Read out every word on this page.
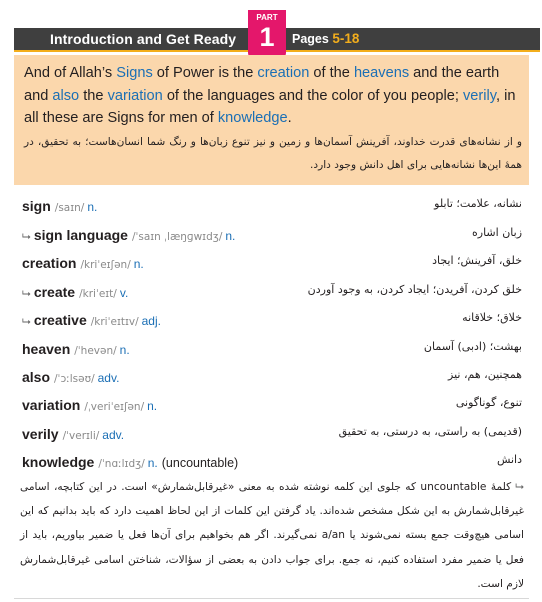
Introduction and Get Ready	Pages 5-18
PART
1
And of Allah’s Signs of Power is the creation of the heavens and the earth and also the variation of the languages and the color of you people; verily, in all these are Signs for men of knowledge.
و از نشانه‌های قدرت خداوند، آفرینش آسمان‌ها و زمین و نیز تنوع زبان‌ها و رنگ شما انسان‌هاست؛ به تحقیق، در همهٔ این‌ها نشانه‌هایی برای اهل دانش وجود دارد.
sign /saɪn/ n.	نشانه، علامت؛ تابلو
⮡ sign language /ˈsaɪn ˌlæŋɡwɪdʒ/ n.	زبان اشاره
creation /kriˈeɪʃən/ n.	خلق، آفرینش؛ ایجاد
⮡ create /kriˈeɪt/ v.	خلق کردن، آفریدن؛ ایجاد کردن، به وجود آوردن
⮡ creative /kriˈeɪtɪv/ adj.	خلاق؛ خلاقانه
heaven /ˈhevən/ n.	بهشت؛ (ادبی) آسمان
also /ˈɔːlsəʊ/ adv.	همچنین، هم، نیز
variation /ˌveriˈeɪʃən/ n.	تنوع، گوناگونی
verily /ˈverɪli/ adv.	(قدیمی) به راستی، به درستی، به تحقیق
knowledge /ˈnɑːlɪdʒ/ n. (uncountable)	دانش
⮡کلمهٔ uncountable که جلوی این کلمه نوشته شده به معنی «غیرقابل‌شمارش» است. در این کتابچه، اسامی غیرقابل‌شمارش به این شکل مشخص شده‌اند. یاد گرفتن این کلمات از این لحاظ اهمیت دارد که باید بدانیم که این اسامی هیچ‌وقت جمع بسته نمی‌شوند یا a/an نمی‌گیرند. اگر هم بخواهیم برای آن‌ها فعل یا ضمیر بیاوریم، باید از فعل یا ضمیر مفرد استفاده کنیم، نه جمع. برای جواب دادن به بعضی از سؤالات، شناختن اسامی غیرقابل‌شمارش لازم است.
